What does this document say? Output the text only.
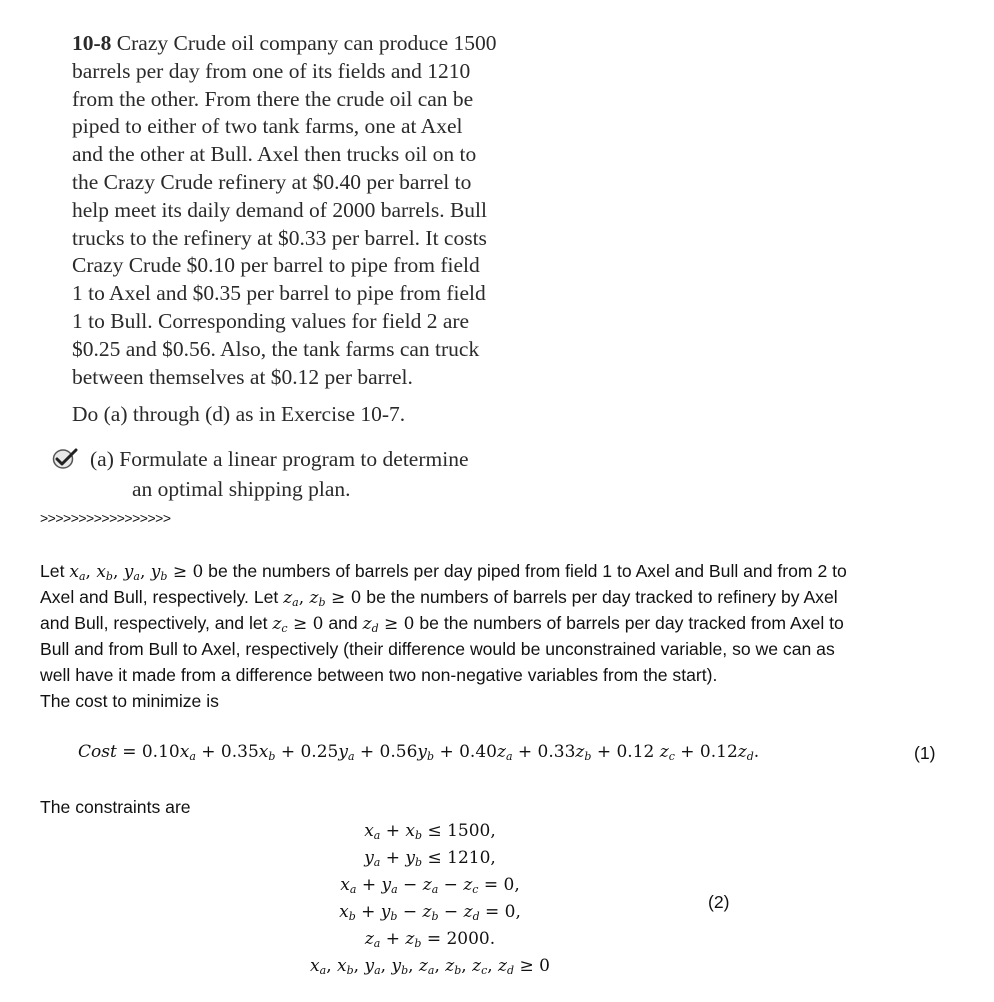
10-8 Crazy Crude oil company can produce 1500
barrels per day from one of its fields and 1210
from the other. From there the crude oil can be
piped to either of two tank farms, one at Axel
and the other at Bull. Axel then trucks oil on to
the Crazy Crude refinery at $0.40 per barrel to
help meet its daily demand of 2000 barrels. Bull
trucks to the refinery at $0.33 per barrel. It costs
Crazy Crude $0.10 per barrel to pipe from field
1 to Axel and $0.35 per barrel to pipe from field
1 to Bull. Corresponding values for field 2 are
$0.25 and $0.56. Also, the tank farms can truck
between themselves at $0.12 per barrel.
Do (a) through (d) as in Exercise 10-7.
(a) Formulate a linear program to determine
an optimal shipping plan.
>>>>>>>>>>>>>>>>>
Let $x_a$, $x_b$, $y_a$, $y_b \ge 0$ be the numbers of barrels per day piped from field 1 to Axel and Bull and from 2 to
Axel and Bull, respectively. Let $z_a$, $z_b \ge 0$ be the numbers of barrels per day tracked to refinery by Axel
and Bull, respectively, and let $z_c \ge 0$ and $z_d \ge 0$ be the numbers of barrels per day tracked from Axel to
Bull and from Bull to Axel, respectively (their difference would be unconstrained variable, so we can as
well have it made from a difference between two non-negative variables from the start).
The cost to minimize is
Cost = $0.10x_a + 0.35x_b + 0.25y_a + 0.56y_b + 0.40z_a + 0.33z_b + 0.12$ $z_c + 0.12z_d$.	(1)
The constraints are
$x_a + x_b \le 1500$,
$y_a + y_b \le 1210$,
$x_a + y_a - z_a - z_c = 0$,
$x_b + y_b - z_b - z_d = 0$,
$z_a + z_b = 2000$.
$x_a$, $x_b$, $y_a$, $y_b$, $z_a$, $z_b$, $z_c$, $z_d \ge 0$
(2)
